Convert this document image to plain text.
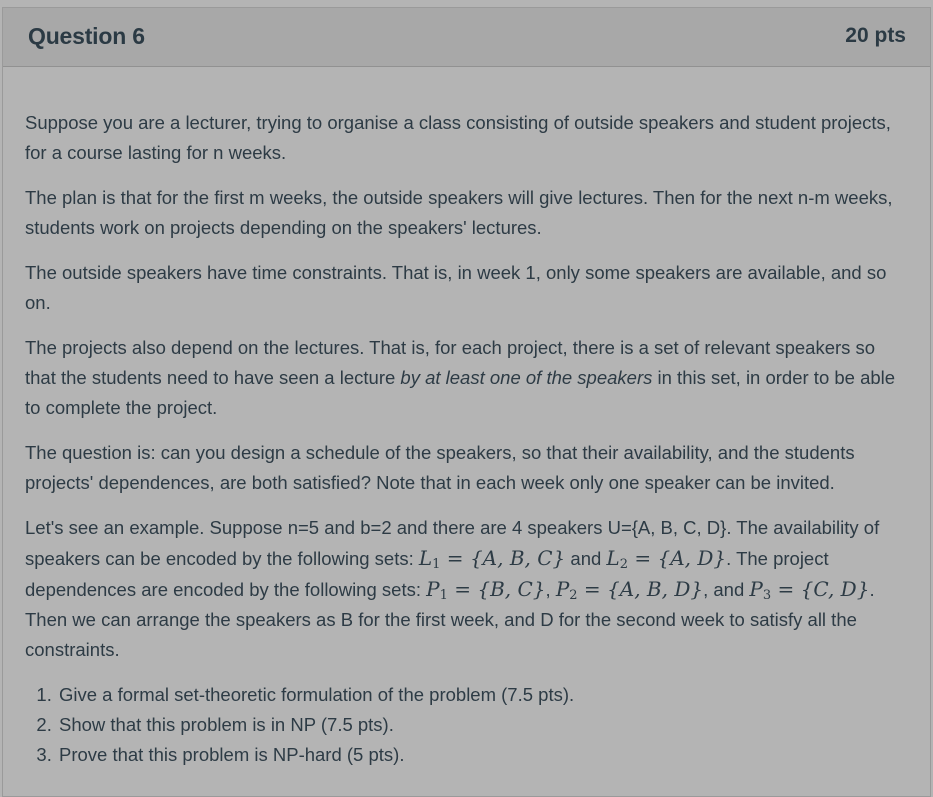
Question 6	20 pts

Suppose you are a lecturer, trying to organise a class consisting of outside speakers and student projects, for a course lasting for n weeks.

The plan is that for the first m weeks, the outside speakers will give lectures. Then for the next n-m weeks, students work on projects depending on the speakers' lectures.

The outside speakers have time constraints. That is, in week 1, only some speakers are available, and so on.

The projects also depend on the lectures. That is, for each project, there is a set of relevant speakers so that the students need to have seen a lecture by at least one of the speakers in this set, in order to be able to complete the project.

The question is: can you design a schedule of the speakers, so that their availability, and the students projects' dependences, are both satisfied? Note that in each week only one speaker can be invited.

Let's see an example. Suppose n=5 and b=2 and there are 4 speakers U={A, B, C, D}. The availability of speakers can be encoded by the following sets: $L_1 = \{A$, B, C} and $L_2 = \{A$, D}. The project dependences are encoded by the following sets: $P_1 = \{B$, C}, $P_2 = \{A$, B, D}, and $P_3 = \{C$, D}. Then we can arrange the speakers as B for the first week, and D for the second week to satisfy all the constraints.

1. Give a formal set-theoretic formulation of the problem (7.5 pts).
2. Show that this problem is in NP (7.5 pts).
3. Prove that this problem is NP-hard (5 pts).
